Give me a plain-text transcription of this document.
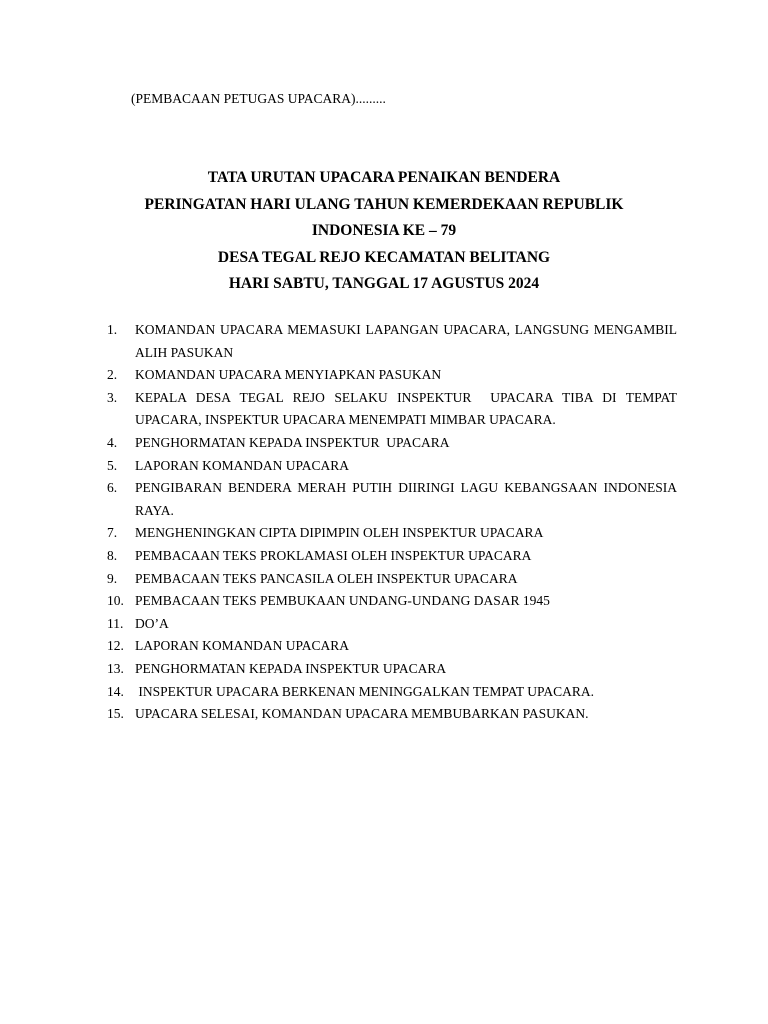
(PEMBACAAN PETUGAS UPACARA).........
TATA URUTAN UPACARA PENAIKAN BENDERA
PERINGATAN HARI ULANG TAHUN KEMERDEKAAN REPUBLIK
INDONESIA KE – 79
DESA TEGAL REJO KECAMATAN BELITANG
HARI SABTU, TANGGAL 17 AGUSTUS 2024
1.	KOMANDAN UPACARA MEMASUKI LAPANGAN UPACARA, LANGSUNG MENGAMBIL ALIH PASUKAN
2.	KOMANDAN UPACARA MENYIAPKAN PASUKAN
3.	KEPALA DESA TEGAL REJO SELAKU INSPEKTUR  UPACARA TIBA DI TEMPAT UPACARA, INSPEKTUR UPACARA MENEMPATI MIMBAR UPACARA.
4.	PENGHORMATAN KEPADA INSPEKTUR  UPACARA
5.	LAPORAN KOMANDAN UPACARA
6.	PENGIBARAN BENDERA MERAH PUTIH DIIRINGI LAGU KEBANGSAAN INDONESIA RAYA.
7.	MENGHENINGKAN CIPTA DIPIMPIN OLEH INSPEKTUR UPACARA
8.	PEMBACAAN TEKS PROKLAMASI OLEH INSPEKTUR UPACARA
9.	PEMBACAAN TEKS PANCASILA OLEH INSPEKTUR UPACARA
10. PEMBACAAN TEKS PEMBUKAAN UNDANG-UNDANG DASAR 1945
11. DO’A
12. LAPORAN KOMANDAN UPACARA
13. PENGHORMATAN KEPADA INSPEKTUR UPACARA
14. INSPEKTUR UPACARA BERKENAN MENINGGALKAN TEMPAT UPACARA.
15. UPACARA SELESAI, KOMANDAN UPACARA MEMBUBARKAN PASUKAN.
